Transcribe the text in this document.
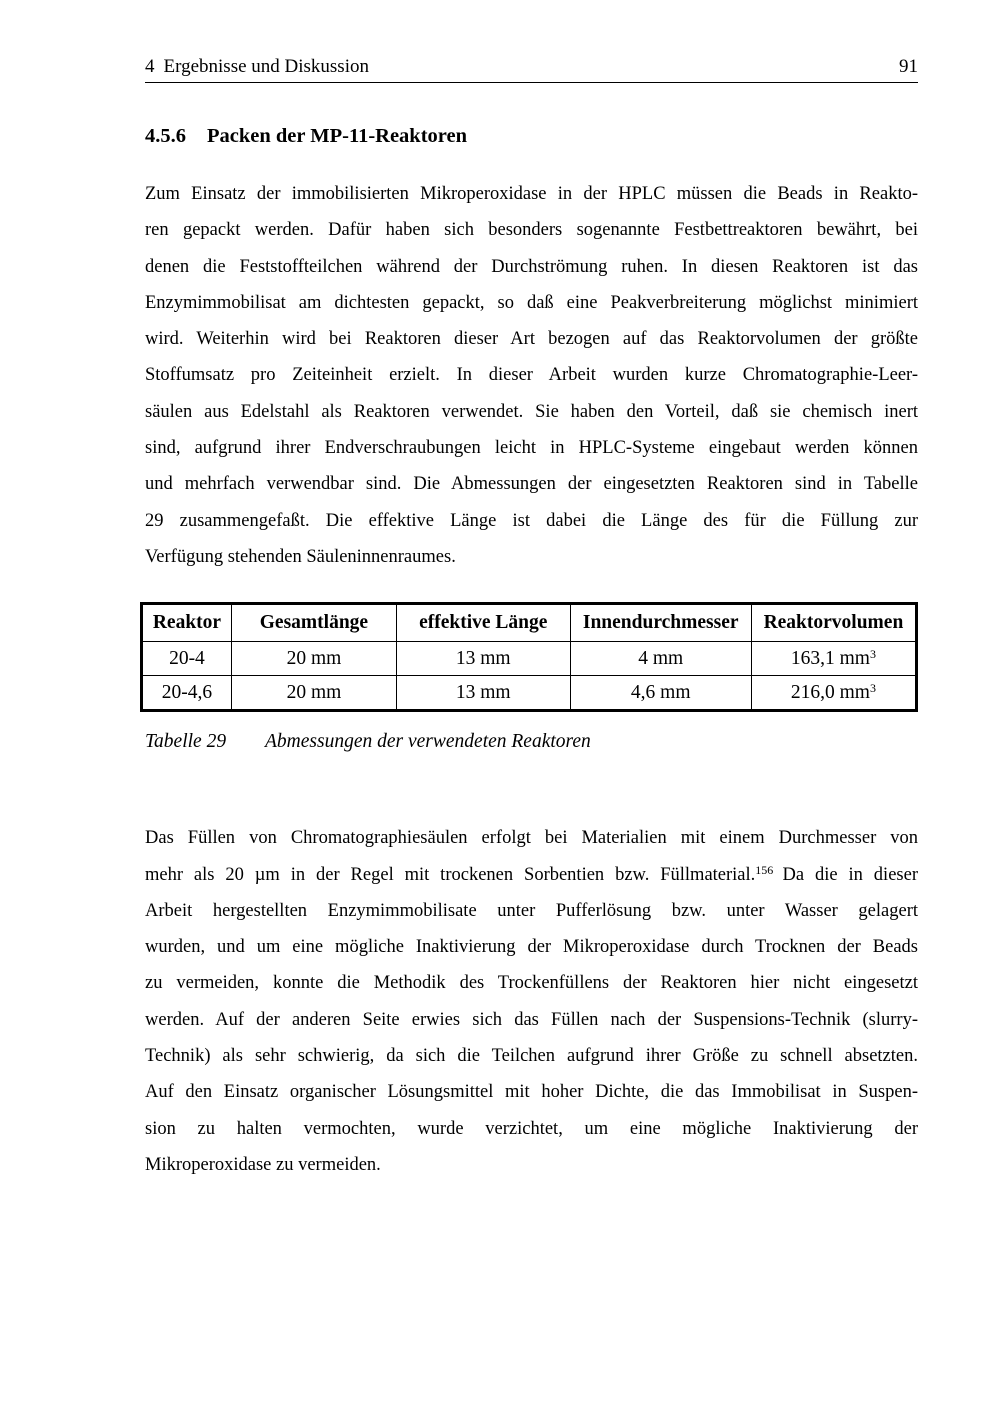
4 Ergebnisse und Diskussion	91
4.5.6 Packen der MP-11-Reaktoren
Zum Einsatz der immobilisierten Mikroperoxidase in der HPLC müssen die Beads in Reakto-
ren gepackt werden. Dafür haben sich besonders sogenannte Festbettreaktoren bewährt, bei
denen die Feststoffteilchen während der Durchströmung ruhen. In diesen Reaktoren ist das
Enzymimmobilisat am dichtesten gepackt, so daß eine Peakverbreiterung möglichst minimiert
wird. Weiterhin wird bei Reaktoren dieser Art bezogen auf das Reaktorvolumen der größte
Stoffumsatz pro Zeiteinheit erzielt. In dieser Arbeit wurden kurze Chromatographie-Leer-
säulen aus Edelstahl als Reaktoren verwendet. Sie haben den Vorteil, daß sie chemisch inert
sind, aufgrund ihrer Endverschraubungen leicht in HPLC-Systeme eingebaut werden können
und mehrfach verwendbar sind. Die Abmessungen der eingesetzten Reaktoren sind in Tabelle
29 zusammengefaßt. Die effektive Länge ist dabei die Länge des für die Füllung zur
Verfügung stehenden Säuleninnenraumes.
Reaktor	Gesamtlänge	effektive Länge	Innendurchmesser	Reaktorvolumen
20-4	20 mm	13 mm	4 mm	163,1 $mm^3$
20-4,6	20 mm	13 mm	4,6 mm	216,0 $mm^3$
Tabelle 29 Abmessungen der verwendeten Reaktoren
Das Füllen von Chromatographiesäulen erfolgt bei Materialien mit einem Durchmesser von
mehr als 20 µm in der Regel mit trockenen Sorbentien bzw. Füllmaterial.$^{156}$ Da die in dieser
Arbeit hergestellten Enzymimmobilisate unter Pufferlösung bzw. unter Wasser gelagert
wurden, und um eine mögliche Inaktivierung der Mikroperoxidase durch Trocknen der Beads
zu vermeiden, konnte die Methodik des Trockenfüllens der Reaktoren hier nicht eingesetzt
werden. Auf der anderen Seite erwies sich das Füllen nach der Suspensions-Technik (slurry-
Technik) als sehr schwierig, da sich die Teilchen aufgrund ihrer Größe zu schnell absetzten.
Auf den Einsatz organischer Lösungsmittel mit hoher Dichte, die das Immobilisat in Suspen-
sion zu halten vermochten, wurde verzichtet, um eine mögliche Inaktivierung der
Mikroperoxidase zu vermeiden.
